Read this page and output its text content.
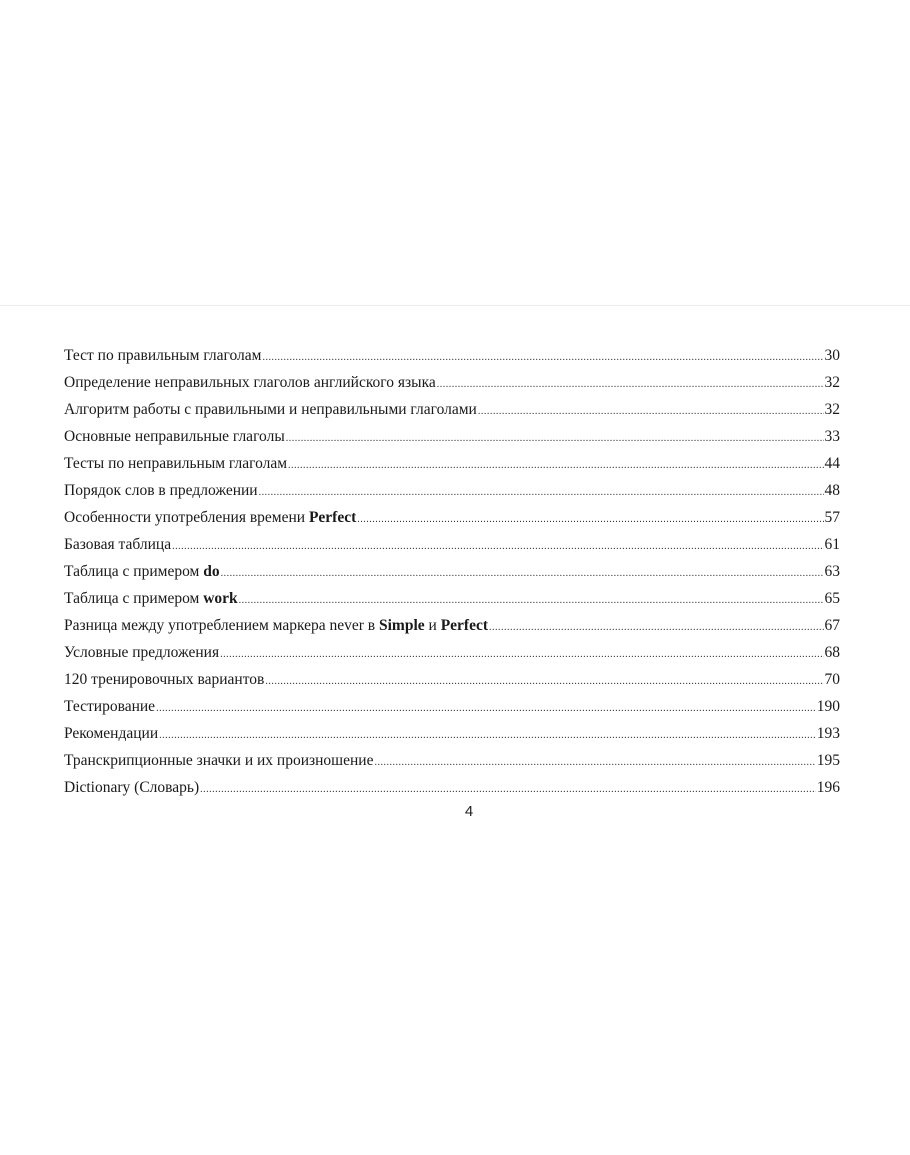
Тест по правильным глаголам .....	30
Определение неправильных глаголов английского языка .....	32
Алгоритм работы с правильными и неправильными глаголами .....	32
Основные неправильные глаголы .....	33
Тесты по неправильным глаголам .....	44
Порядок слов в предложении .....	48
Особенности употребления времени Perfect .....	57
Базовая таблица .....	61
Таблица с примером do .....	63
Таблица с примером work .....	65
Разница между употреблением маркера never в Simple и Perfect .....	67
Условные предложения .....	68
120 тренировочных вариантов .....	70
Тестирование .....	190
Рекомендации .....	193
Транскрипционные значки и их произношение .....	195
Dictionary (Словарь) .....	196
4
